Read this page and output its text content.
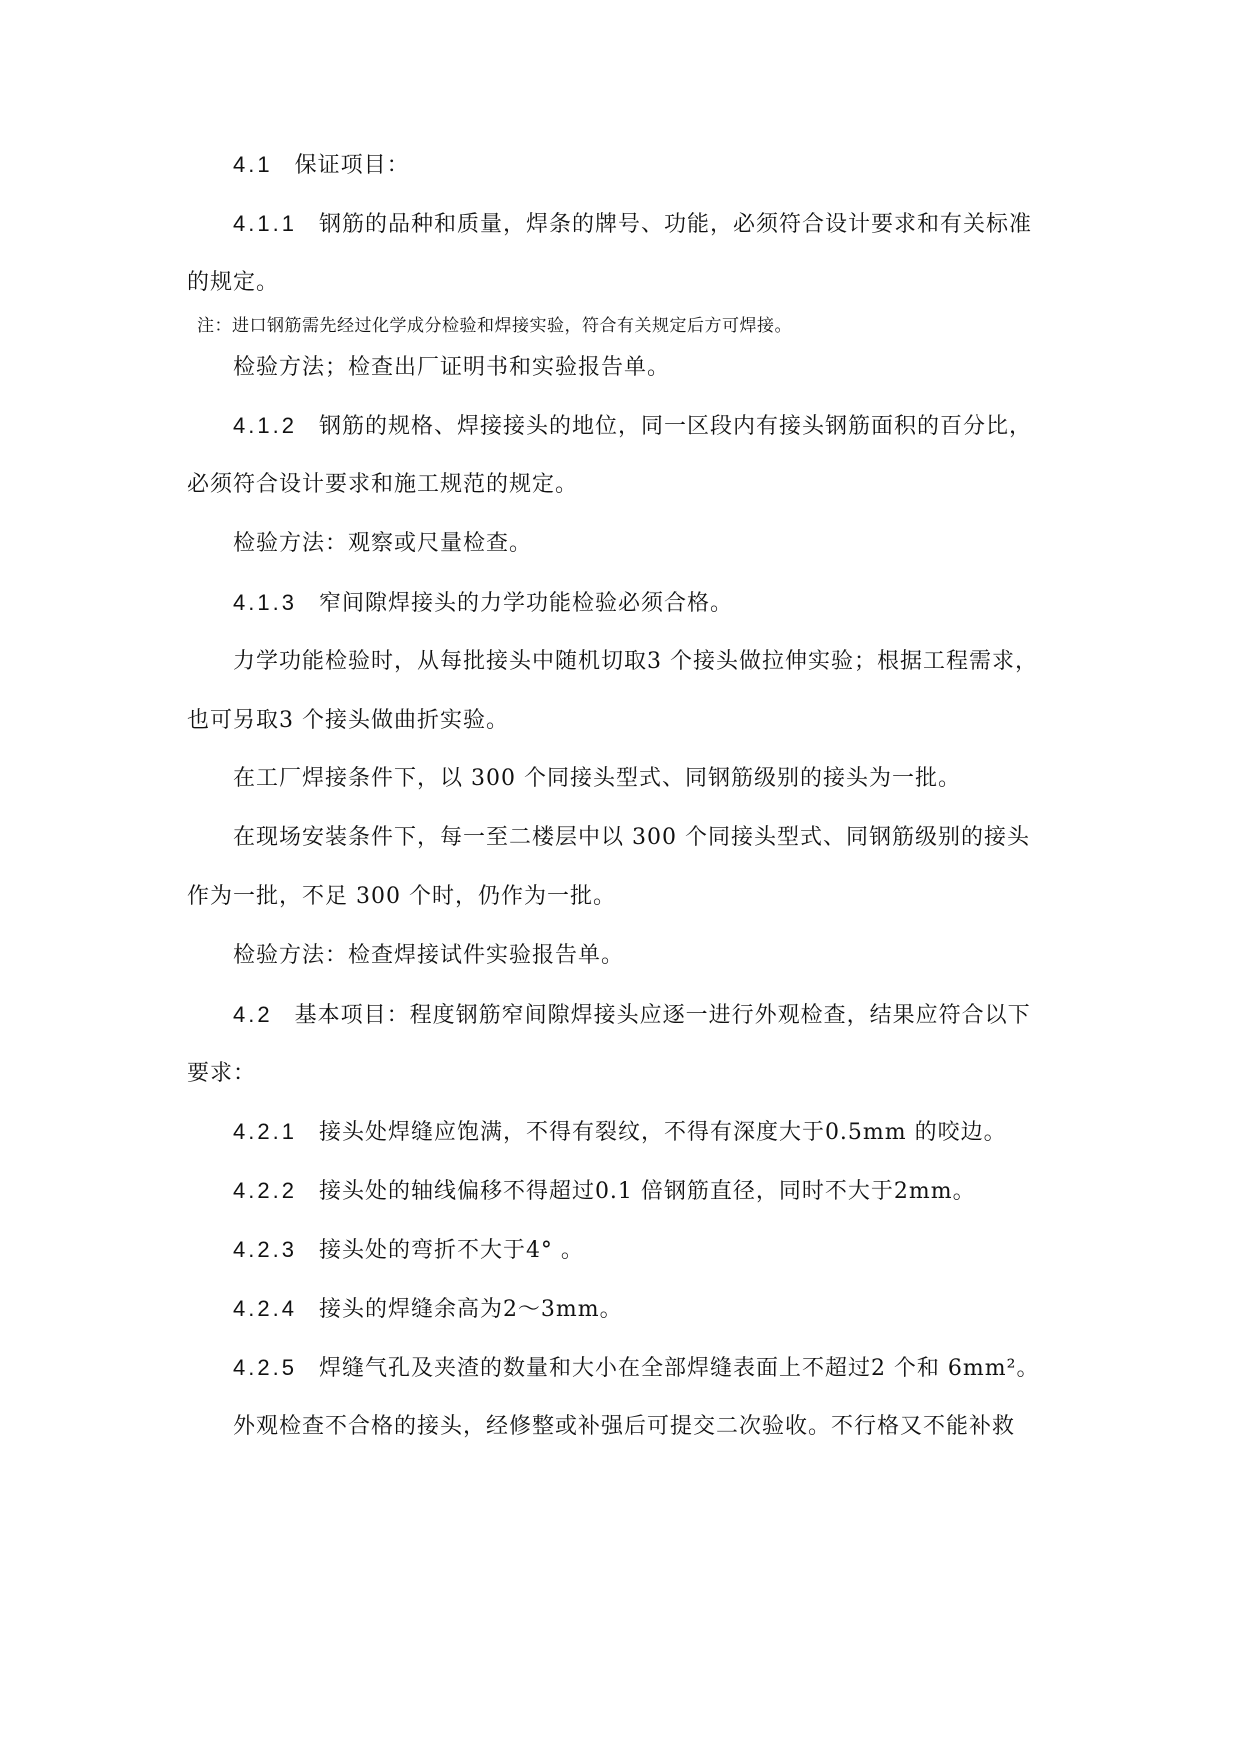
4.1 保证项目：
4.1.1 钢筋的品种和质量，焊条的牌号、功能，必须符合设计要求和有关标准
的规定。
注：进口钢筋需先经过化学成分检验和焊接实验，符合有关规定后方可焊接。
检验方法；检查出厂证明书和实验报告单。
4.1.2 钢筋的规格、焊接接头的地位，同一区段内有接头钢筋面积的百分比，
必须符合设计要求和施工规范的规定。
检验方法：观察或尺量检查。
4.1.3 窄间隙焊接头的力学功能检验必须合格。
力学功能检验时，从每批接头中随机切取3 个接头做拉伸实验；根据工程需求，
也可另取3 个接头做曲折实验。
在工厂焊接条件下，以 300 个同接头型式、同钢筋级别的接头为一批。
在现场安装条件下，每一至二楼层中以 300 个同接头型式、同钢筋级别的接头
作为一批，不足 300 个时，仍作为一批。
检验方法：检查焊接试件实验报告单。
4.2 基本项目：程度钢筋窄间隙焊接头应逐一进行外观检查，结果应符合以下
要求：
4.2.1 接头处焊缝应饱满，不得有裂纹，不得有深度大于0.5mm 的咬边。
4.2.2 接头处的轴线偏移不得超过0.1 倍钢筋直径，同时不大于2mm。
4.2.3 接头处的弯折不大于4° 。
4.2.4 接头的焊缝余高为2～3mm。
4.2.5 焊缝气孔及夹渣的数量和大小在全部焊缝表面上不超过2 个和 6mm²。
外观检查不合格的接头，经修整或补强后可提交二次验收。不行格又不能补救
